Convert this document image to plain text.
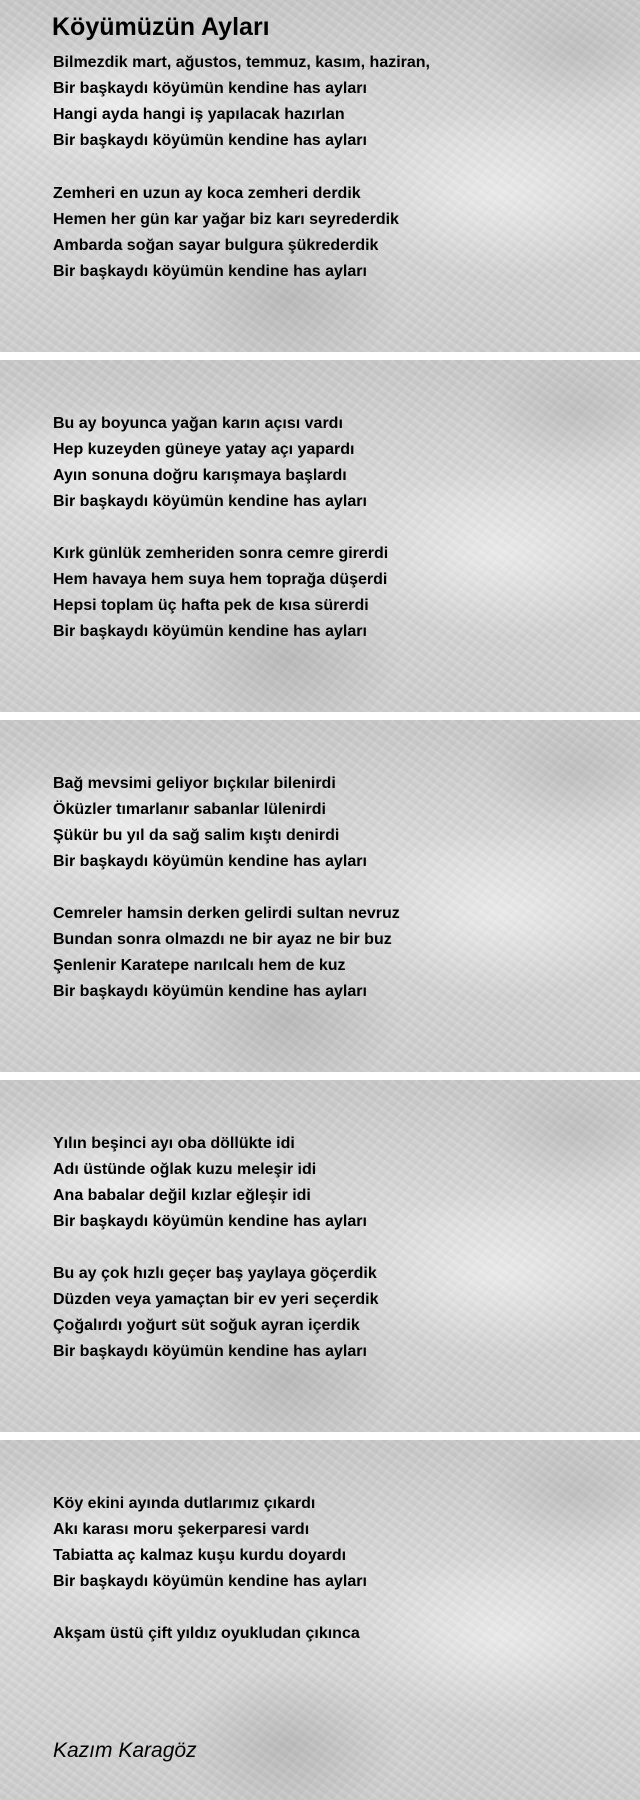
Köyümüzün Ayları
Bilmezdik mart, ağustos, temmuz, kasım, haziran,
Bir başkaydı köyümün kendine has ayları
Hangi ayda hangi iş yapılacak hazırlan
Bir başkaydı köyümün kendine has ayları
Zemheri en uzun ay koca zemheri derdik
Hemen her gün kar yağar biz karı seyrederdik
Ambarda soğan sayar bulgura şükrederdik
Bir başkaydı köyümün kendine has ayları
Bu ay boyunca yağan karın açısı vardı
Hep kuzeyden güneye yatay açı yapardı
Ayın sonuna doğru karışmaya başlardı
Bir başkaydı köyümün kendine has ayları
Kırk günlük zemheriden sonra cemre girerdi
Hem havaya hem suya hem toprağa düşerdi
Hepsi toplam üç hafta pek de kısa sürerdi
Bir başkaydı köyümün kendine has ayları
Bağ mevsimi geliyor bıçkılar bilenirdi
Öküzler tımarlanır sabanlar lülenirdi
Şükür bu yıl da sağ salim kıştı denirdi
Bir başkaydı köyümün kendine has ayları
Cemreler hamsin derken gelirdi sultan nevruz
Bundan sonra olmazdı ne bir ayaz ne bir buz
Şenlenir Karatepe narılcalı hem de kuz
Bir başkaydı köyümün kendine has ayları
Yılın beşinci ayı oba döllükte idi
Adı üstünde oğlak kuzu meleşir idi
Ana babalar değil kızlar eğleşir idi
Bir başkaydı köyümün kendine has ayları
Bu ay çok hızlı geçer baş yaylaya göçerdik
Düzden veya yamaçtan bir ev yeri seçerdik
Çoğalırdı yoğurt süt soğuk ayran içerdik
Bir başkaydı köyümün kendine has ayları
Köy ekini ayında dutlarımız çıkardı
Akı karası moru şekerparesi vardı
Tabiatta aç kalmaz kuşu kurdu doyardı
Bir başkaydı köyümün kendine has ayları
Akşam üstü çift yıldız oyukludan çıkınca
Kazım Karagöz
